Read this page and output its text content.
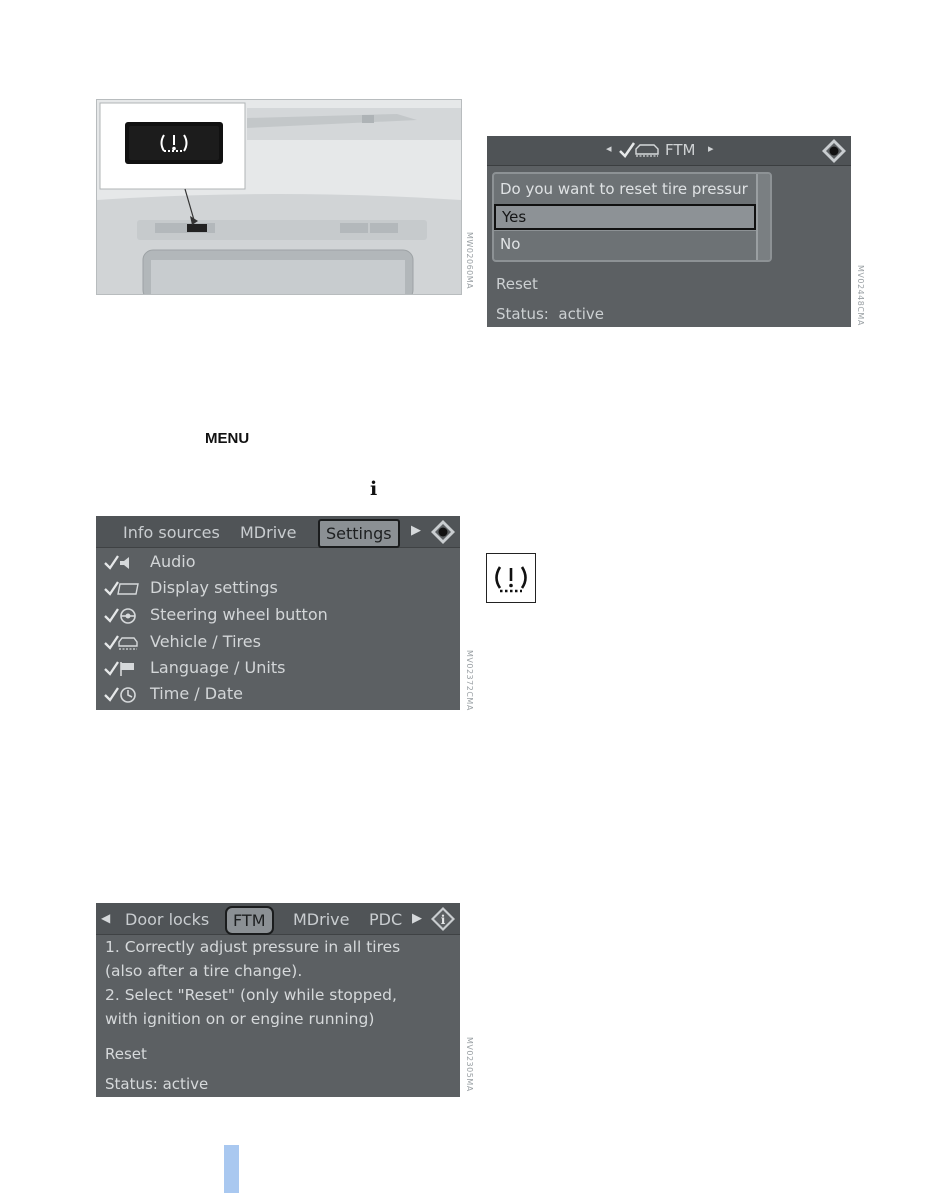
MW02060MA
◂	FTM ▸
Do you want to reset tire pressur
Yes
No
Reset
Status:  active	MV02448CMA
MENU
i
Info sources MDrive	Settings	▶
Audio
Display settings
Steering wheel button
Vehicle / Tires
Language / Units
Time / Date	MV02372CMA
◀ Door locks	FTM	MDrive PDC ▶ i
1. Correctly adjust pressure in all tires
(also after a tire change).
2. Select "Reset" (only while stopped,
with ignition on or engine running)
Reset
Status: active	MV02305MA
